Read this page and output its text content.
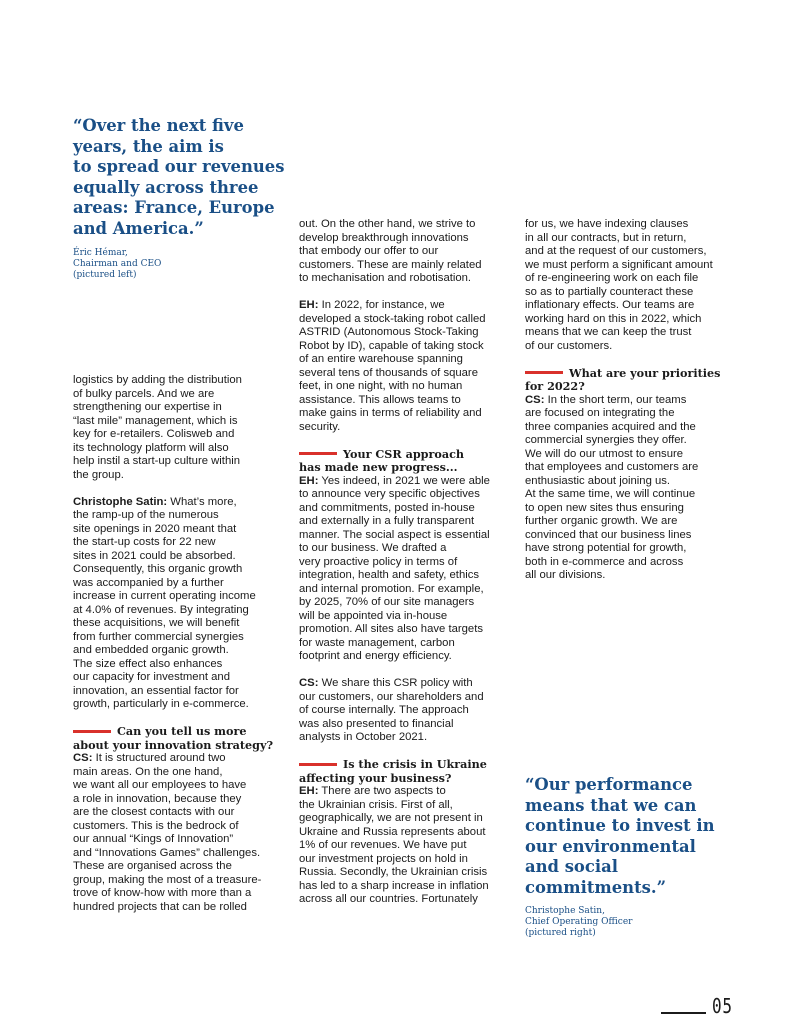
“Over the next five
years, the aim is
to spread our revenues
equally across three
areas: France, Europe
and America.”

Éric Hémar,
Chairman and CEO
(pictured left)

logistics by adding the distribution
of bulky parcels. And we are
strengthening our expertise in
“last mile” management, which is
key for e-retailers. Colisweb and
its technology platform will also
help instil a start-up culture within
the group.

Christophe Satin: What’s more,
the ramp-up of the numerous
site openings in 2020 meant that
the start-up costs for 22 new
sites in 2021 could be absorbed.
Consequently, this organic growth
was accompanied by a further
increase in current operating income
at 4.0% of revenues. By integrating
these acquisitions, we will benefit
from further commercial synergies
and embedded organic growth.
The size effect also enhances
our capacity for investment and
innovation, an essential factor for
growth, particularly in e-commerce.

Can you tell us more
about your innovation strategy?

CS: It is structured around two
main areas. On the one hand,
we want all our employees to have
a role in innovation, because they
are the closest contacts with our
customers. This is the bedrock of
our annual “Kings of Innovation”
and “Innovations Games” challenges.
These are organised across the
group, making the most of a treasure-
trove of know-how with more than a
hundred projects that can be rolled

out. On the other hand, we strive to
develop breakthrough innovations
that embody our offer to our
customers. These are mainly related
to mechanisation and robotisation.

EH: In 2022, for instance, we
developed a stock-taking robot called
ASTRID (Autonomous Stock-Taking
Robot by ID), capable of taking stock
of an entire warehouse spanning
several tens of thousands of square
feet, in one night, with no human
assistance. This allows teams to
make gains in terms of reliability and
security.

Your CSR approach
has made new progress...

EH: Yes indeed, in 2021 we were able
to announce very specific objectives
and commitments, posted in-house
and externally in a fully transparent
manner. The social aspect is essential
to our business. We drafted a
very proactive policy in terms of
integration, health and safety, ethics
and internal promotion. For example,
by 2025, 70% of our site managers
will be appointed via in-house
promotion. All sites also have targets
for waste management, carbon
footprint and energy efficiency.

CS: We share this CSR policy with
our customers, our shareholders and
of course internally. The approach
was also presented to financial
analysts in October 2021.

Is the crisis in Ukraine
affecting your business?

EH: There are two aspects to
the Ukrainian crisis. First of all,
geographically, we are not present in
Ukraine and Russia represents about
1% of our revenues. We have put
our investment projects on hold in
Russia. Secondly, the Ukrainian crisis
has led to a sharp increase in inflation
across all our countries. Fortunately

for us, we have indexing clauses
in all our contracts, but in return,
and at the request of our customers,
we must perform a significant amount
of re-engineering work on each file
so as to partially counteract these
inflationary effects. Our teams are
working hard on this in 2022, which
means that we can keep the trust
of our customers.

What are your priorities
for 2022?

CS: In the short term, our teams
are focused on integrating the
three companies acquired and the
commercial synergies they offer.
We will do our utmost to ensure
that employees and customers are
enthusiastic about joining us.
At the same time, we will continue
to open new sites thus ensuring
further organic growth. We are
convinced that our business lines
have strong potential for growth,
both in e-commerce and across
all our divisions.

“Our performance
means that we can
continue to invest in
our environmental
and social
commitments.”

Christophe Satin,
Chief Operating Officer
(pictured right)

05
